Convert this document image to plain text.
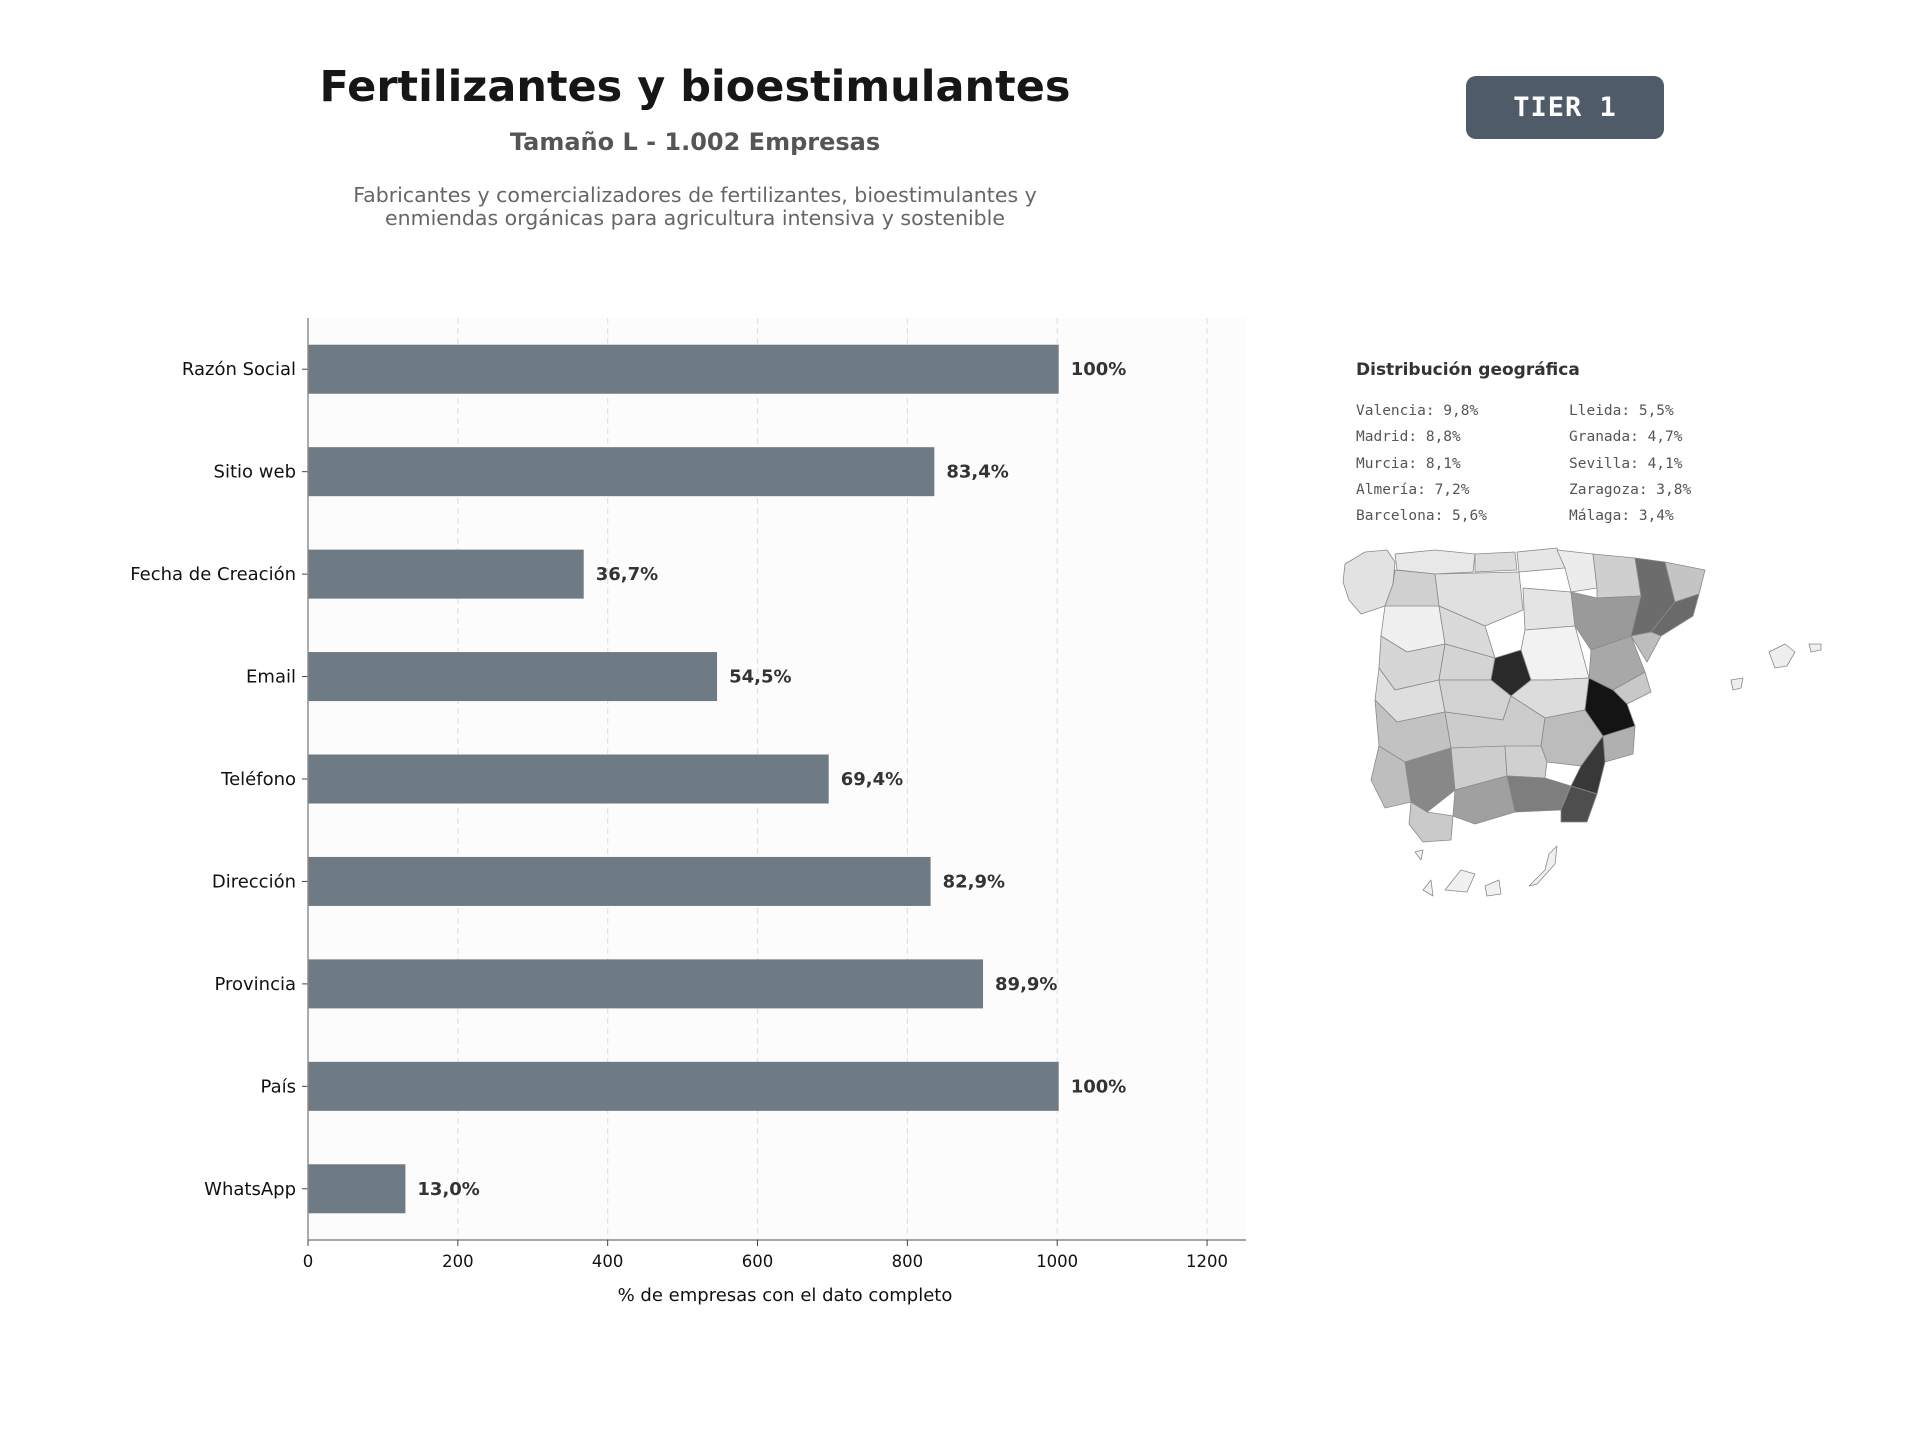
Fertilizantes y bioestimulantes
Tamaño L - 1.002 Empresas
Fabricantes y comercializadores de fertilizantes, bioestimulantes y
enmiendas orgánicas para agricultura intensiva y sostenible
TIER 1
Razón Social	100%
Sitio web	83,4%
Fecha de Creación	36,7%
Email	54,5%
Teléfono	69,4%
Dirección	82,9%
Provincia	89,9%
País	100%
WhatsApp	13,0%
0	200	400	600	800	1000	1200
% de empresas con el dato completo
Distribución geográfica
Valencia: 9,8%
Madrid: 8,8%
Murcia: 8,1%
Almería: 7,2%
Barcelona: 5,6%
Lleida: 5,5%
Granada: 4,7%
Sevilla: 4,1%
Zaragoza: 3,8%
Málaga: 3,4%
